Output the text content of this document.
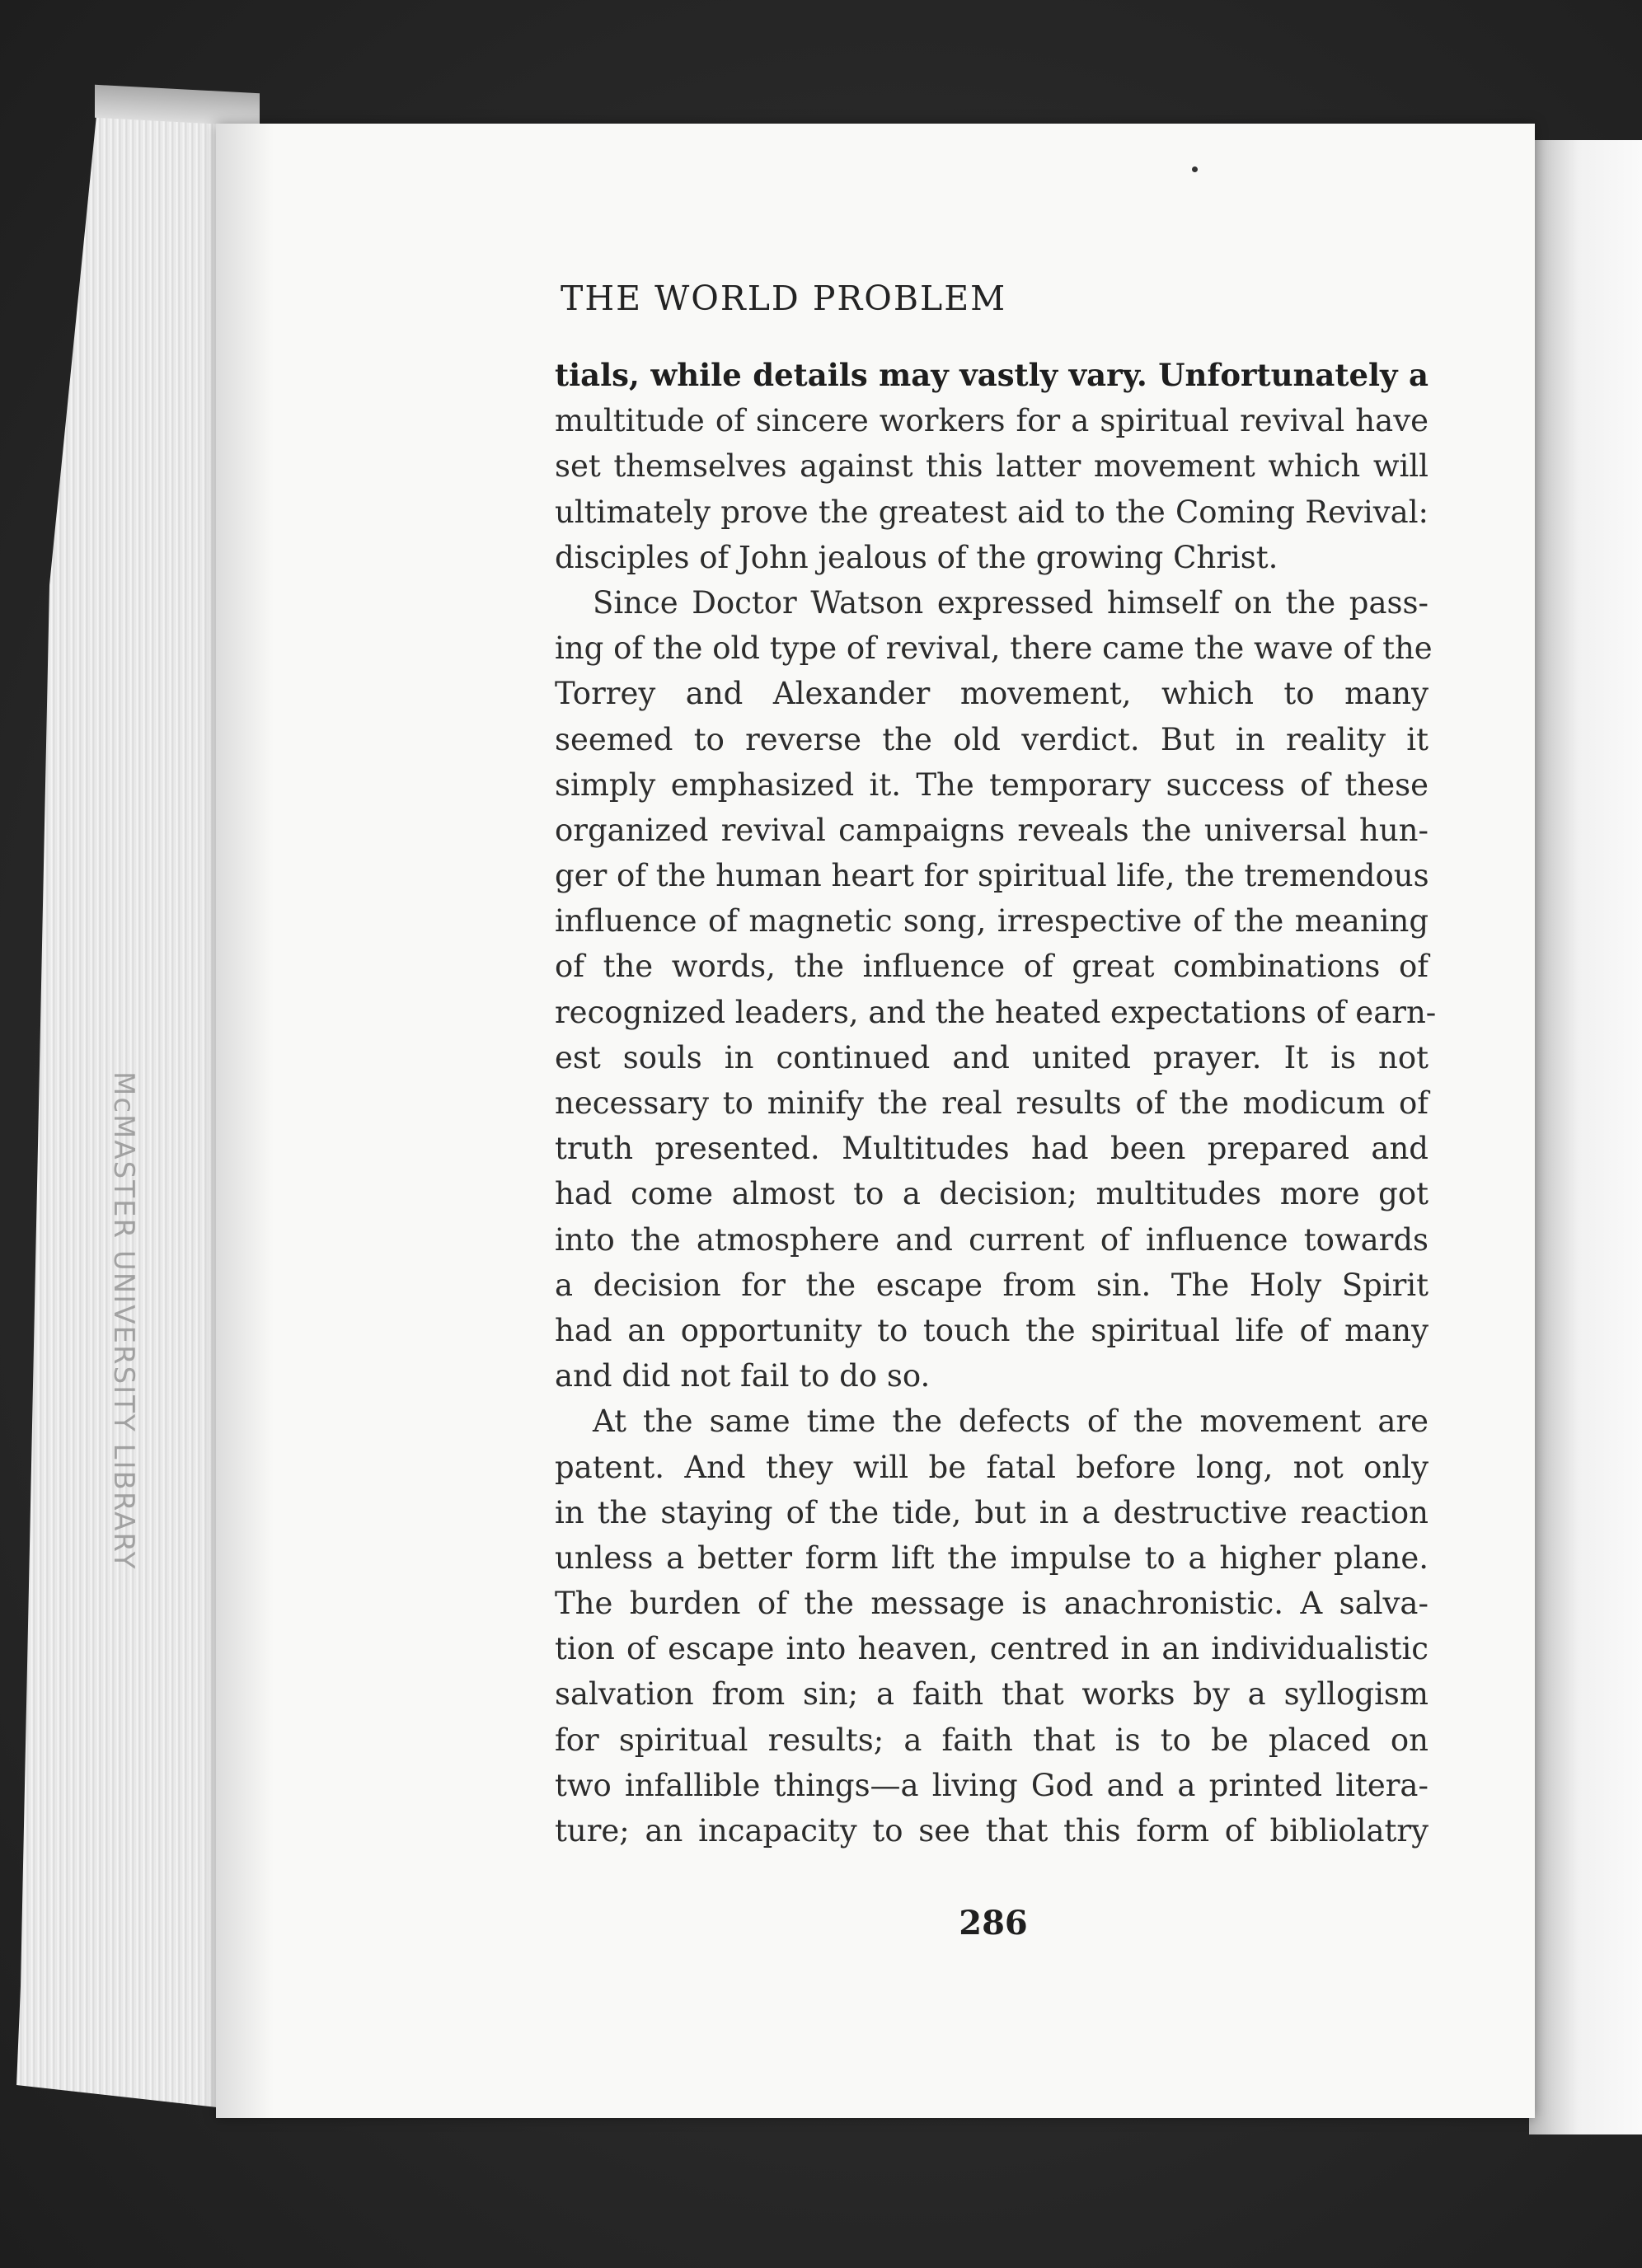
McMASTER UNIVERSITY LIBRARY
THE WORLD PROBLEM
tials, while details may vastly vary. Unfortunately a
multitude of sincere workers for a spiritual revival have
set themselves against this latter movement which will
ultimately prove the greatest aid to the Coming Revival:
disciples of John jealous of the growing Christ.
Since Doctor Watson expressed himself on the pass-
ing of the old type of revival, there came the wave of the
Torrey and Alexander movement, which to many
seemed to reverse the old verdict. But in reality it
simply emphasized it. The temporary success of these
organized revival campaigns reveals the universal hun-
ger of the human heart for spiritual life, the tremendous
influence of magnetic song, irrespective of the meaning
of the words, the influence of great combinations of
recognized leaders, and the heated expectations of earn-
est souls in continued and united prayer. It is not
necessary to minify the real results of the modicum of
truth presented. Multitudes had been prepared and
had come almost to a decision; multitudes more got
into the atmosphere and current of influence towards
a decision for the escape from sin. The Holy Spirit
had an opportunity to touch the spiritual life of many
and did not fail to do so.
At the same time the defects of the movement are
patent. And they will be fatal before long, not only
in the staying of the tide, but in a destructive reaction
unless a better form lift the impulse to a higher plane.
The burden of the message is anachronistic. A salva-
tion of escape into heaven, centred in an individualistic
salvation from sin; a faith that works by a syllogism
for spiritual results; a faith that is to be placed on
two infallible things—a living God and a printed litera-
ture; an incapacity to see that this form of bibliolatry
286
